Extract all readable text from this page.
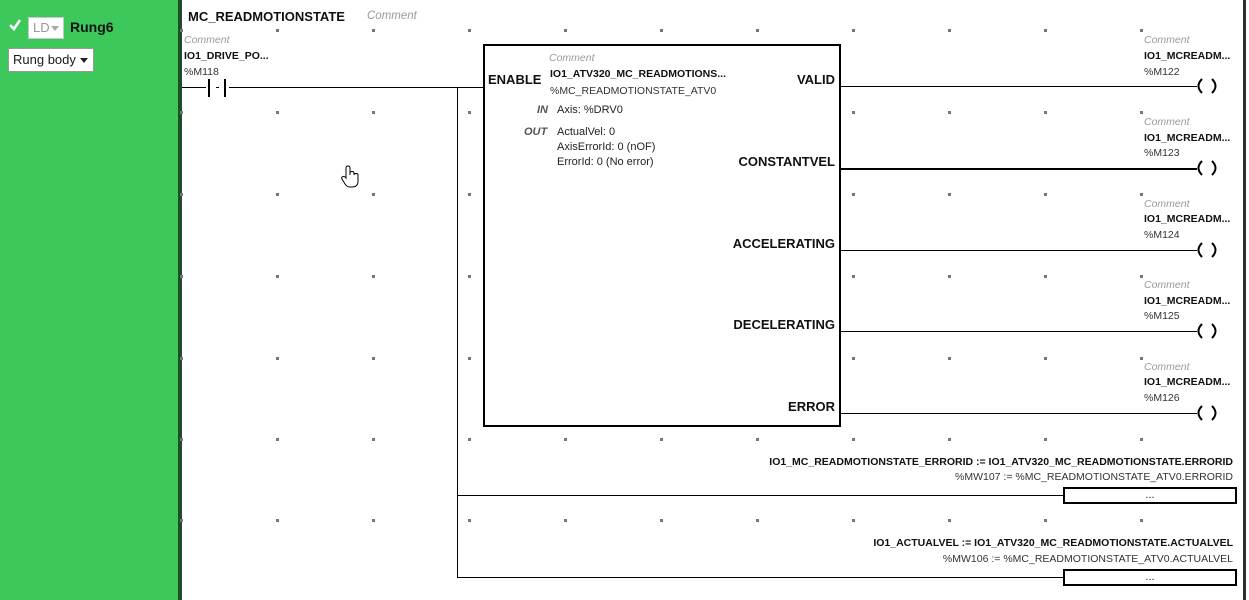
LD	Rung6
Rung body
MC_READMOTIONSTATE Comment
Comment
IO1_DRIVE_PO...
%M118
Comment
IO1_ATV320_MC_READMOTIONS...
%MC_READMOTIONSTATE_ATV0
ENABLE
IN Axis: %DRV0
OUT ActualVel: 0
AxisErrorId: 0 (nOF)
ErrorId: 0 (No error)
VALID
CONSTANTVEL
ACCELERATING
DECELERATING
ERROR
Comment
IO1_MCREADM...
%M122
Comment
IO1_MCREADM...
%M123
Comment
IO1_MCREADM...
%M124
Comment
IO1_MCREADM...
%M125
Comment
IO1_MCREADM...
%M126
IO1_MC_READMOTIONSTATE_ERRORID := IO1_ATV320_MC_READMOTIONSTATE.ERRORID
%MW107 := %MC_READMOTIONSTATE_ATV0.ERRORID
...
IO1_ACTUALVEL := IO1_ATV320_MC_READMOTIONSTATE.ACTUALVEL
%MW106 := %MC_READMOTIONSTATE_ATV0.ACTUALVEL
...
